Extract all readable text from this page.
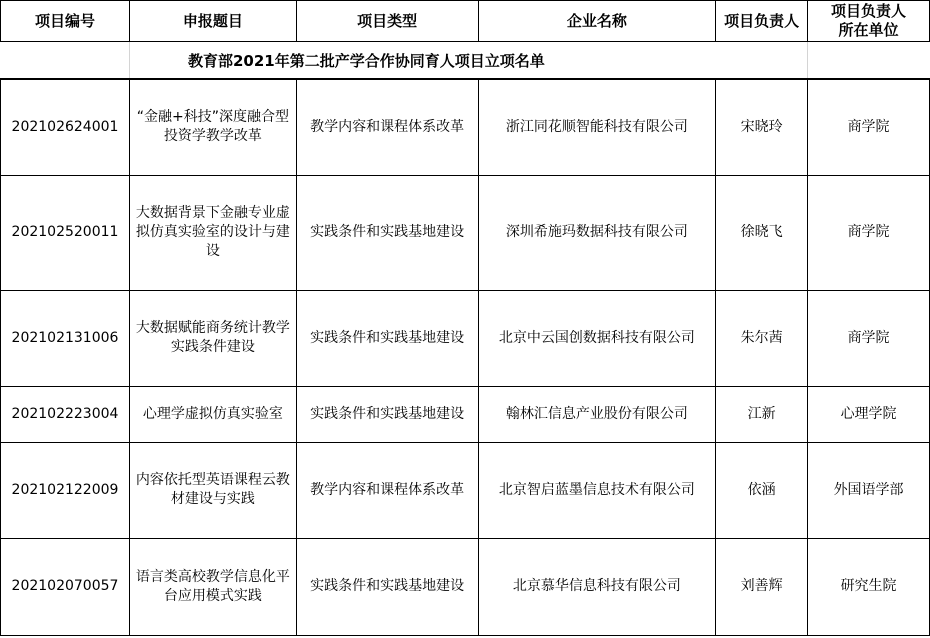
	教育部2021年第二批产学合作协同育人项目立项名单				
项目编号	申报题目	项目类型	企业名称	项目负责人	项目负责人
所在单位

202102624001	“金融+科技”深度融合型投资学教学改革	教学内容和课程体系改革	浙江同花顺智能科技有限公司	宋晓玲	商学院
202102520011	大数据背景下金融专业虚拟仿真实验室的设计与建设	实践条件和实践基地建设	深圳希施玛数据科技有限公司	徐晓飞	商学院
202102131006	大数据赋能商务统计教学实践条件建设	实践条件和实践基地建设	北京中云国创数据科技有限公司	朱尔茜	商学院
202102223004	心理学虚拟仿真实验室	实践条件和实践基地建设	翰林汇信息产业股份有限公司	江新	心理学院
202102122009	内容依托型英语课程云教材建设与实践	教学内容和课程体系改革	北京智启蓝墨信息技术有限公司	依涵	外国语学部
202102070057	语言类高校教学信息化平台应用模式实践	实践条件和实践基地建设	北京慕华信息科技有限公司	刘善辉	研究生院
